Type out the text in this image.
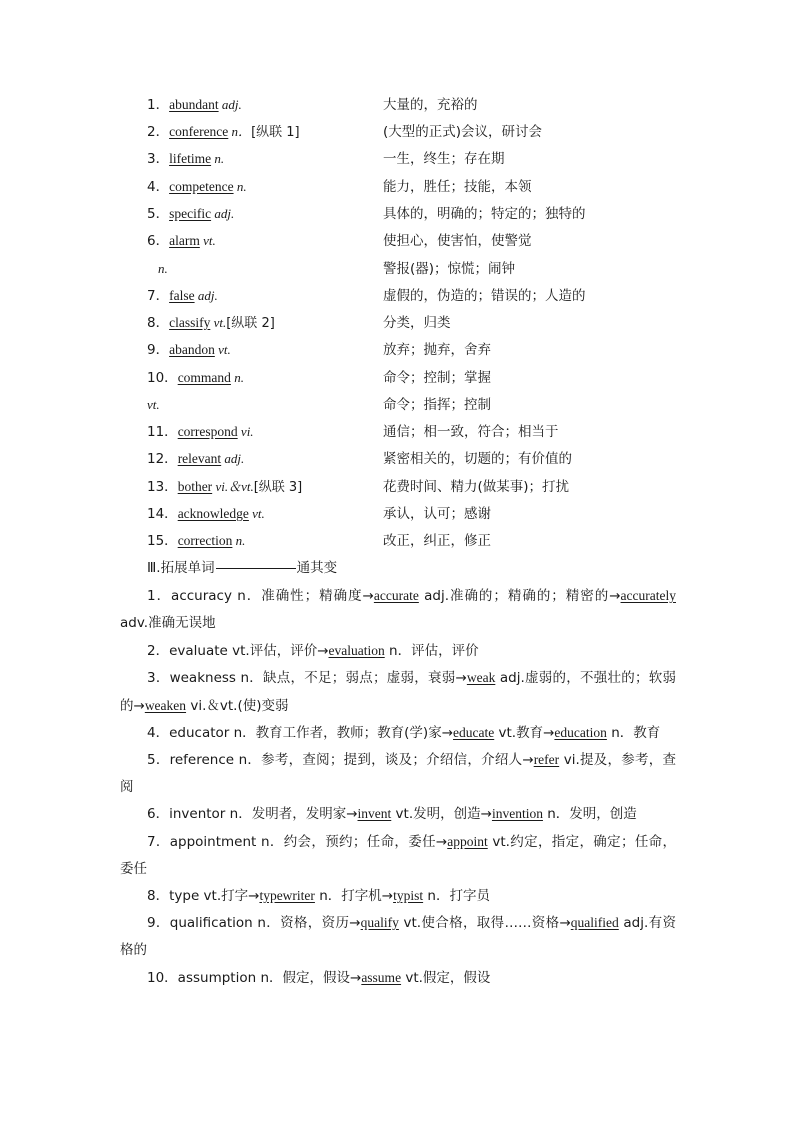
1．abundant adj.	大量的，充裕的
2．conference n．[纵联 1]	(大型的正式)会议，研讨会
3．lifetime n.	一生，终生；存在期
4．competence n.	能力，胜任；技能，本领
5．specific adj.	具体的，明确的；特定的；独特的
6．alarm vt.	使担心，使害怕，使警觉
n.	警报(器)；惊慌；闹钟
7．false adj.	虚假的，伪造的；错误的；人造的
8．classify vt.[纵联 2]	分类，归类
9．abandon vt.	放弃；抛弃，舍弃
10．command n.	命令；控制；掌握
vt.	命令；指挥；控制
11．correspond vi.	通信；相一致，符合；相当于
12．relevant adj.	紧密相关的，切题的；有价值的
13．bother vi.＆vt.[纵联 3]	花费时间、精力(做某事)；打扰
14．acknowledge vt.	承认，认可；感谢
15．correction n.	改正，纠正，修正
Ⅲ.拓展单词	通其变
1．accuracy n．准确性；精确度→accurate adj.准确的；精确的；精密的→accurately adv.准确无误地
2．evaluate vt.评估，评价→evaluation n．评估，评价
3．weakness n．缺点，不足；弱点；虚弱，衰弱→weak adj.虚弱的，不强壮的；软弱的→weaken vi.＆vt.(使)变弱
4．educator n．教育工作者，教师；教育(学)家→educate vt.教育→education n．教育
5．reference n．参考，查阅；提到，谈及；介绍信，介绍人→refer vi.提及，参考，查阅
6．inventor n．发明者，发明家→invent vt.发明，创造→invention n．发明，创造
7．appointment n．约会，预约；任命，委任→appoint vt.约定，指定，确定；任命，委任
8．type vt.打字→typewriter n．打字机→typist n．打字员
9．qualification n．资格，资历→qualify vt.使合格，取得……资格→qualified adj.有资格的
10．assumption n．假定，假设→assume vt.假定，假设
